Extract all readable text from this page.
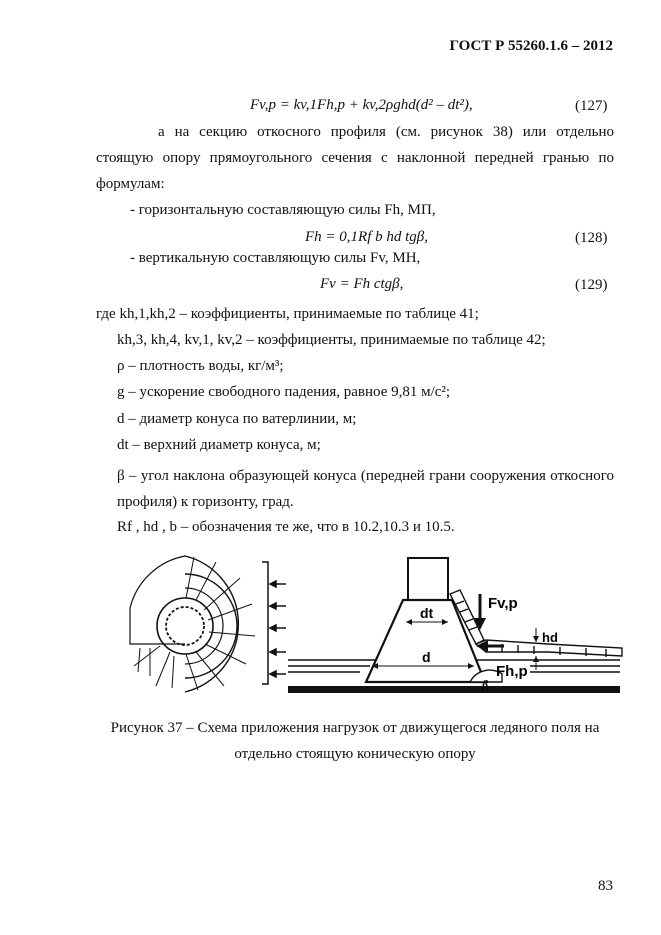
ГОСТ Р 55260.1.6 – 2012
Fv,p = kv,1Fh,p + kv,2ρghd(d² – dt²),	(127)
а на секцию откосного профиля (см. рисунок 38) или отдельно стоящую опору прямоугольного сечения с наклонной передней гранью по формулам:
- горизонтальную составляющую силы Fh, МП,
Fh = 0,1Rf b hd tgβ,	(128)
- вертикальную составляющую силы Fv, МН,
Fv = Fh ctgβ,	(129)
где kh,1,kh,2 – коэффициенты, принимаемые по таблице 41;
kh,3, kh,4, kv,1, kv,2 – коэффициенты, принимаемые по таблице 42;
ρ – плотность воды, кг/м³;
g – ускорение свободного падения, равное 9,81 м/с²;
d – диаметр конуса по ватерлинии, м;
dt – верхний диаметр конуса, м;
β – угол наклона образующей конуса (передней грани сооружения откосного профиля) к горизонту, град.
Rf , hd , b – обозначения те же, что в 10.2,10.3 и 10.5.
dt
d
Fv,p
Fh,p
hd
β
Рисунок 37 – Схема приложения нагрузок от движущегося ледяного поля на отдельно стоящую коническую опору
83
